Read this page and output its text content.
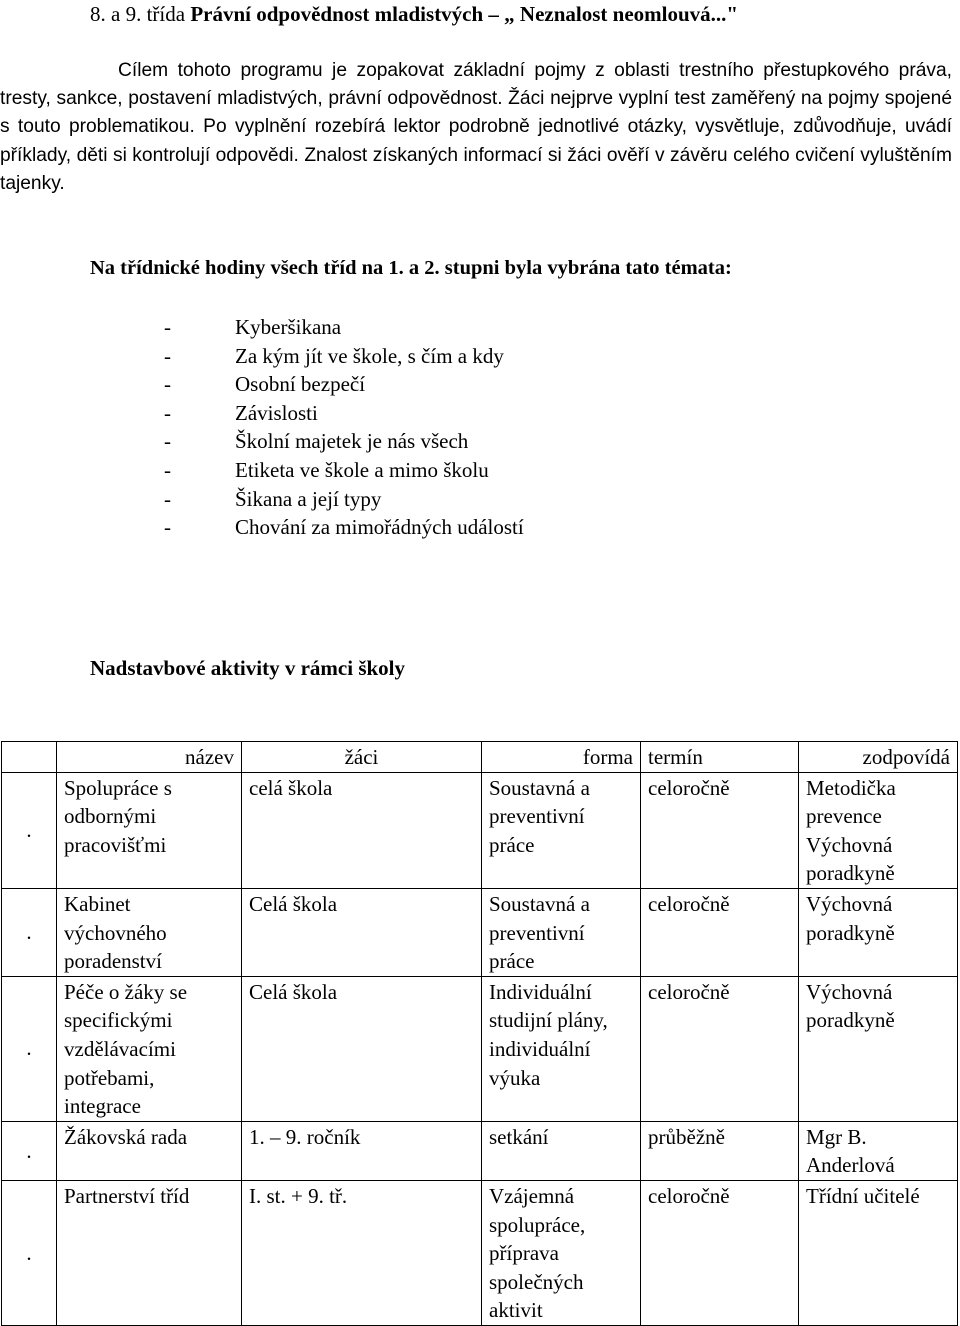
8. a 9. třída Právní odpovědnost mladistvých – „ Neznalost neomlouvá..."

Cílem tohoto programu je zopakovat základní pojmy z oblasti trestního přestupkového práva, tresty, sankce, postavení mladistvých, právní odpovědnost. Žáci nejprve vyplní test zaměřený na pojmy spojené s touto problematikou. Po vyplnění rozebírá lektor podrobně jednotlivé otázky, vysvětluje, zdůvodňuje, uvádí příklady, děti si kontrolují odpovědi. Znalost získaných informací si žáci ověří v závěru celého cvičení vyluštěním tajenky.

Na třídnické hodiny všech tříd na 1. a 2. stupni byla vybrána tato témata:
-	Kyberšikana
-	Za kým jít ve škole, s čím a kdy
-	Osobní bezpečí
-	Závislosti
-	Školní majetek je nás všech
-	Etiketa ve škole a mimo školu
-	Šikana a její typy
-	Chování za mimořádných událostí
Nadstavbové aktivity v rámci školy
	název	žáci	forma	termín	zodpovídá
.	Spolupráce s odbornými pracovišťmi	celá škola	Soustavná a preventivní práce	celoročně	Metodička prevence Výchovná poradkyně
.	Kabinet výchovného poradenství	Celá škola	Soustavná a preventivní práce	celoročně	Výchovná poradkyně
.	Péče o žáky se specifickými vzdělávacími potřebami, integrace	Celá škola	Individuální studijní plány, individuální výuka	celoročně	Výchovná poradkyně
.	Žákovská rada	1. – 9. ročník	setkání	průběžně	Mgr B. Anderlová
.	Partnerství tříd	I. st. + 9. tř.	Vzájemná spolupráce, příprava společných aktivit	celoročně	Třídní učitelé
